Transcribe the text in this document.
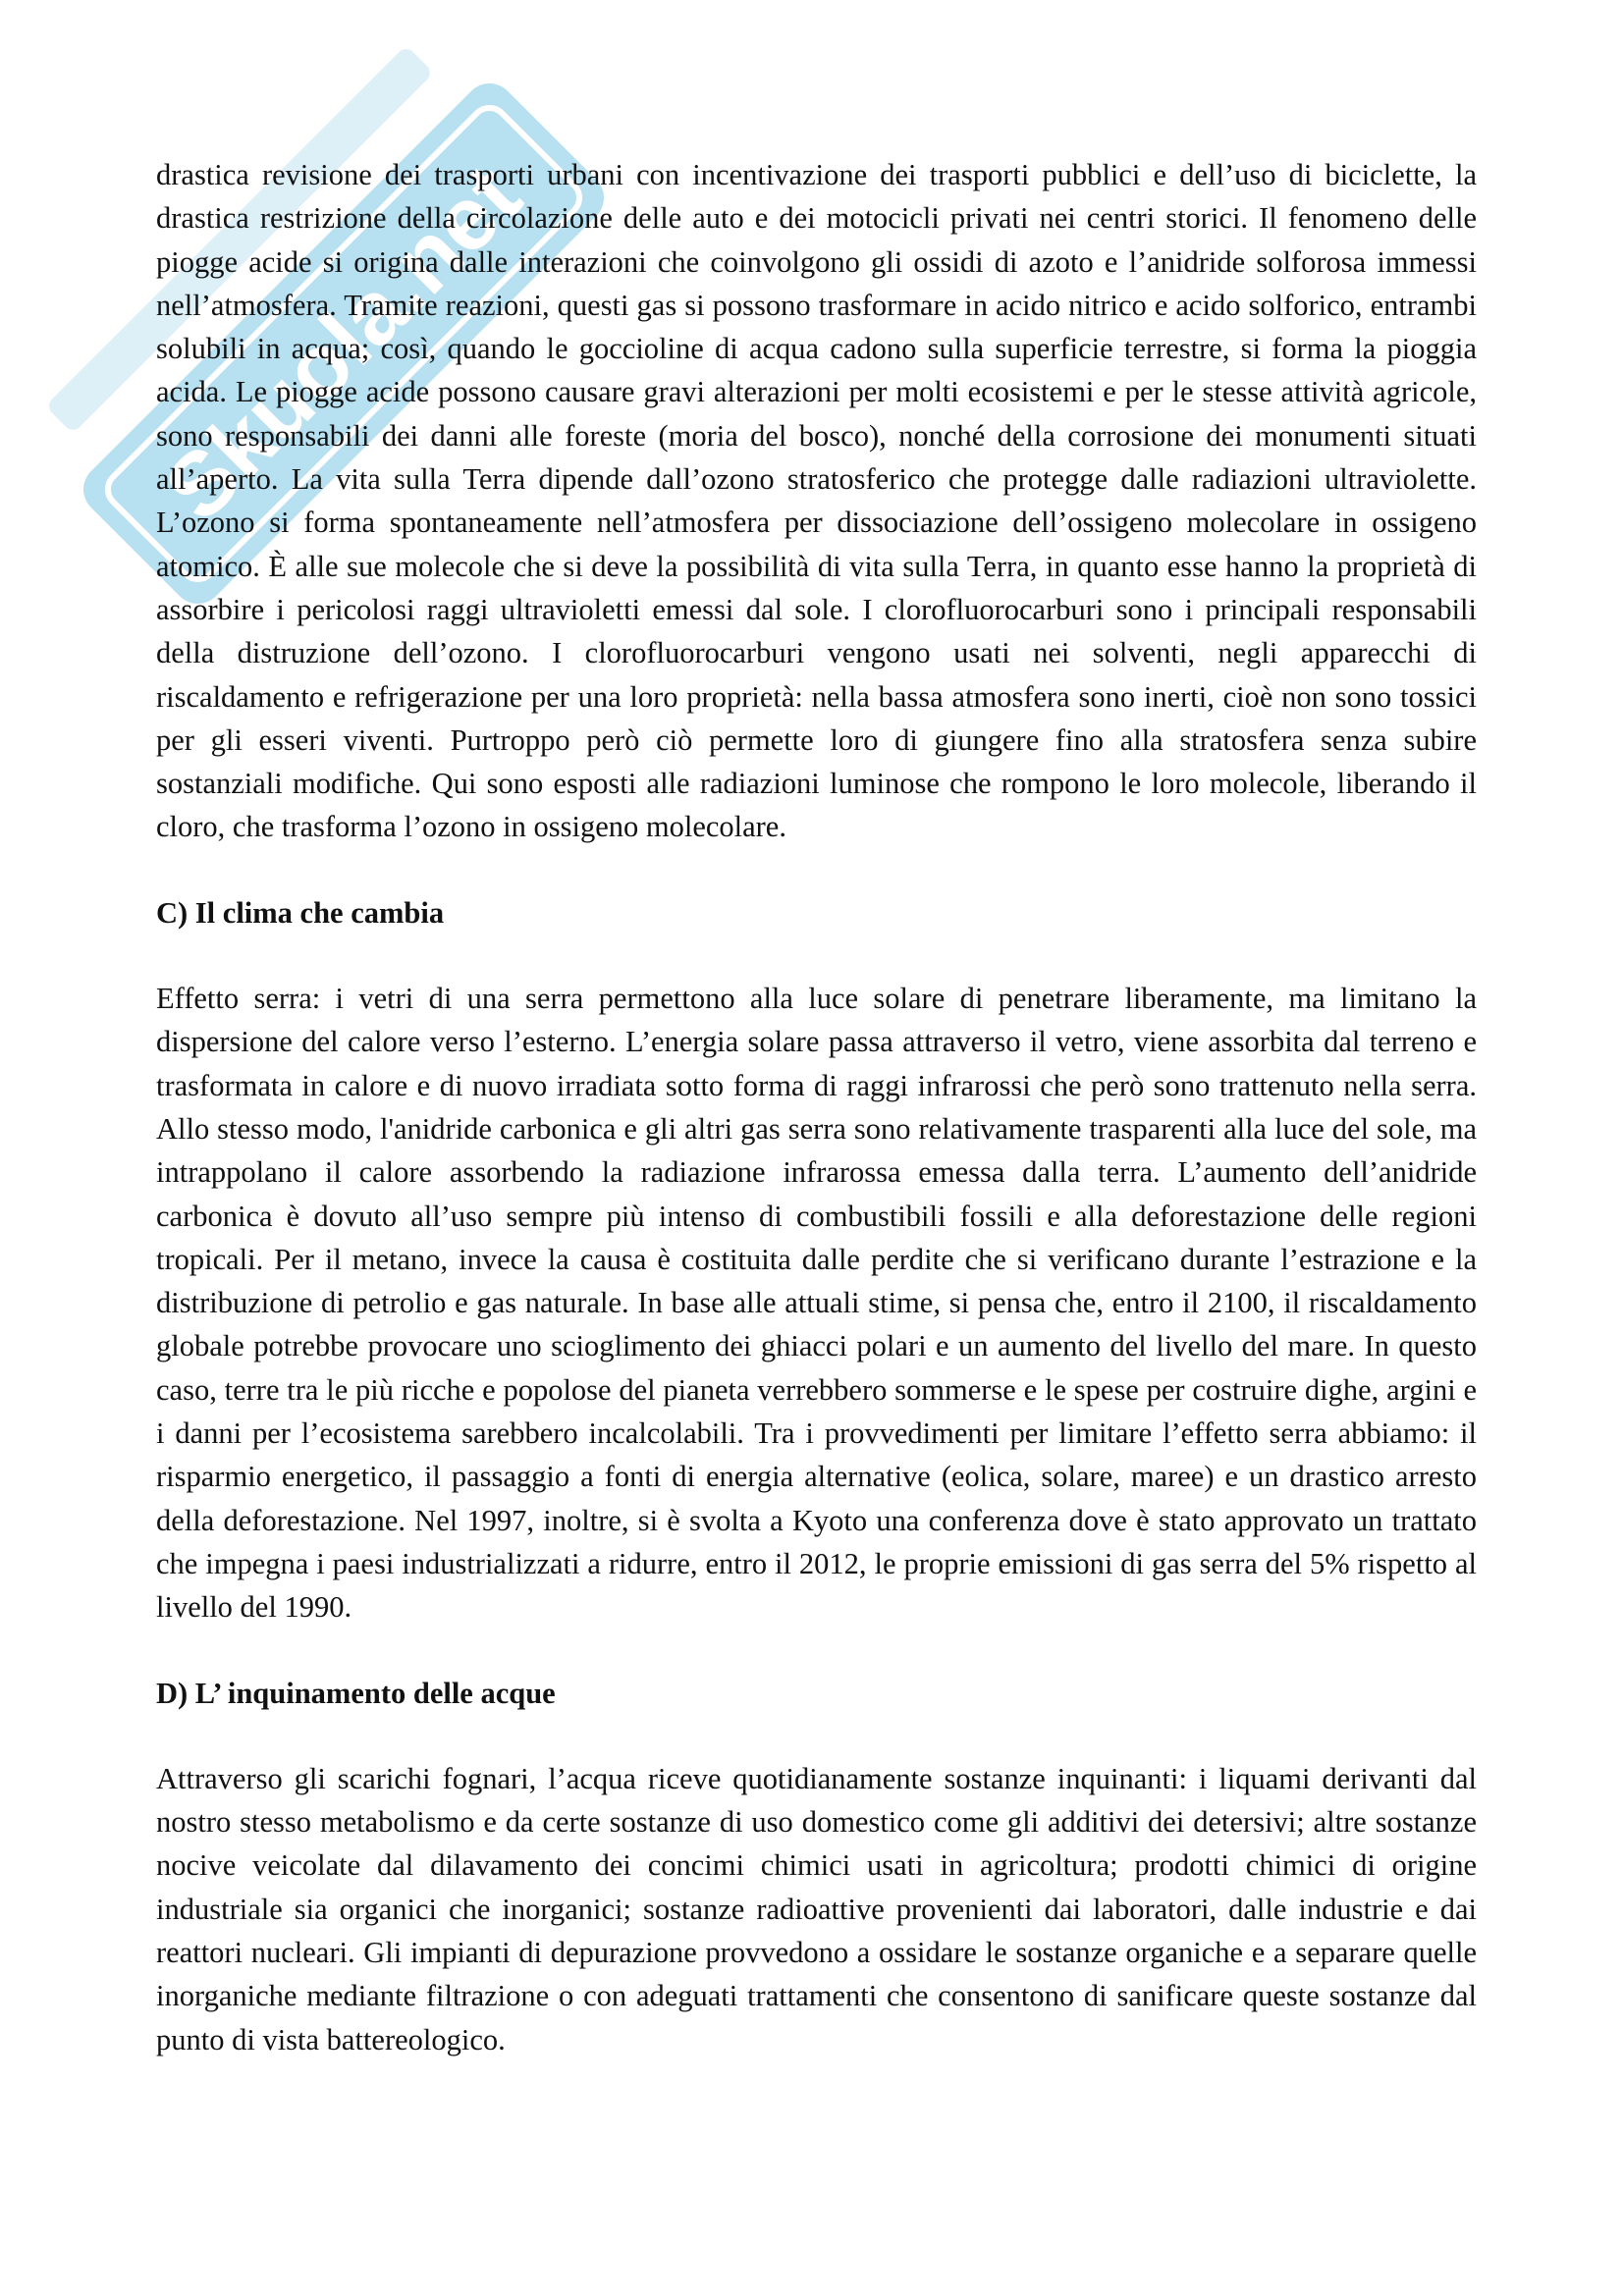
Skuola.net

drastica revisione dei trasporti urbani con incentivazione dei trasporti pubblici e dell’uso di biciclette, la drastica restrizione della circolazione delle auto e dei motocicli privati nei centri storici. Il fenomeno delle piogge acide si origina dalle interazioni che coinvolgono gli ossidi di azoto e l’anidride solforosa immessi nell’atmosfera. Tramite reazioni, questi gas si possono trasformare in acido nitrico e acido solforico, entrambi solubili in acqua; così, quando le goccioline di acqua cadono sulla superficie terrestre, si forma la pioggia acida. Le piogge acide possono causare gravi alterazioni per molti ecosistemi e per le stesse attività agricole, sono responsabili dei danni alle foreste (moria del bosco), nonché della corrosione dei monumenti situati all’aperto. La vita sulla Terra dipende dall’ozono stratosferico che protegge dalle radiazioni ultraviolette. L’ozono si forma spontaneamente nell’atmosfera per dissociazione dell’ossigeno molecolare in ossigeno atomico. È alle sue molecole che si deve la possibilità di vita sulla Terra, in quanto esse hanno la proprietà di assorbire i pericolosi raggi ultravioletti emessi dal sole. I clorofluorocarburi sono i principali responsabili della distruzione dell’ozono. I clorofluorocarburi vengono usati nei solventi, negli apparecchi di riscaldamento e refrigerazione per una loro proprietà: nella bassa atmosfera sono inerti, cioè non sono tossici per gli esseri viventi. Purtroppo però ciò permette loro di giungere fino alla stratosfera senza subire sostanziali modifiche. Qui sono esposti alle radiazioni luminose che rompono le loro molecole, liberando il cloro, che trasforma l’ozono in ossigeno molecolare.

C) Il clima che cambia

Effetto serra: i vetri di una serra permettono alla luce solare di penetrare liberamente, ma limitano la dispersione del calore verso l’esterno. L’energia solare passa attraverso il vetro, viene assorbita dal terreno e trasformata in calore e di nuovo irradiata sotto forma di raggi infrarossi che però sono trattenuto nella serra. Allo stesso modo, l'anidride carbonica e gli altri gas serra sono relativamente trasparenti alla luce del sole, ma intrappolano il calore assorbendo la radiazione infrarossa emessa dalla terra. L’aumento dell’anidride carbonica è dovuto all’uso sempre più intenso di combustibili fossili e alla deforestazione delle regioni tropicali. Per il metano, invece la causa è costituita dalle perdite che si verificano durante l’estrazione e la distribuzione di petrolio e gas naturale. In base alle attuali stime, si pensa che, entro il 2100, il riscaldamento globale potrebbe provocare uno scioglimento dei ghiacci polari e un aumento del livello del mare. In questo caso, terre tra le più ricche e popolose del pianeta verrebbero sommerse e le spese per costruire dighe, argini e i danni per l’ecosistema sarebbero incalcolabili. Tra i provvedimenti per limitare l’effetto serra abbiamo: il risparmio energetico, il passaggio a fonti di energia alternative (eolica, solare, maree) e un drastico arresto della deforestazione. Nel 1997, inoltre, si è svolta a Kyoto una conferenza dove è stato approvato un trattato che impegna i paesi industrializzati a ridurre, entro il 2012, le proprie emissioni di gas serra del 5% rispetto al livello del 1990.

D) L’ inquinamento delle acque

Attraverso gli scarichi fognari, l’acqua riceve quotidianamente sostanze inquinanti: i liquami derivanti dal nostro stesso metabolismo e da certe sostanze di uso domestico come gli additivi dei detersivi; altre sostanze nocive veicolate dal dilavamento dei concimi chimici usati in agricoltura; prodotti chimici di origine industriale sia organici che inorganici; sostanze radioattive provenienti dai laboratori, dalle industrie e dai reattori nucleari. Gli impianti di depurazione provvedono a ossidare le sostanze organiche e a separare quelle inorganiche mediante filtrazione o con adeguati trattamenti che consentono di sanificare queste sostanze dal punto di vista battereologico.
